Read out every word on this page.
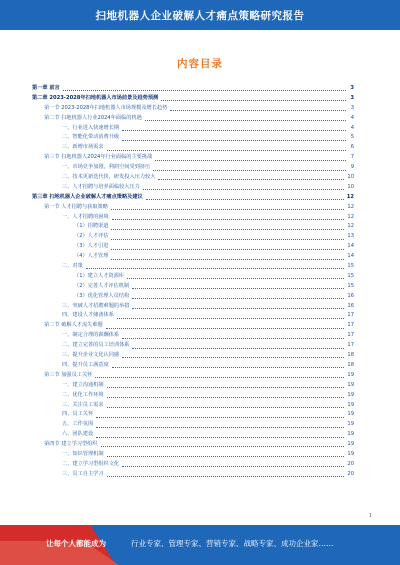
扫地机器人企业破解人才痛点策略研究报告
内容目录
第一章 前言	3
第二章 2023-2028年扫地机器人市场前景及趋势预测	3
第一节 2023-2028年扫地机器人市场规模及增长趋势	3
第二节 扫地机器人行业2024年面临的机遇	4
一、行业进入快速增长期	4
二、智能化带动消费升级	5
三、新增市场需求	6
第三节 扫地机器人2024年行业面临的主要挑战	7
一、市场竞争加剧，利润空间受到挤压	9
二、技术更新迭代快，研发投入压力较大	10
三、人才招聘与培养面临较大压力	10
第三章 扫地机器人企业破解人才痛点策略及建议	12
第一节 人才招聘与获取策略	12
一、人才招聘的困境	12
（1）招聘渠道	12
（2）人才评估	13
（3）人才引进	14
（4）人才管理	14
二、对策	15
（1）建立人才资源库	15
（2）完善人才评估机制	15
（3）优化管理人员结构	16
三、突破人才招聘难题的举措	16
四、建设人才储备体系	17
第二节 破解人才流失难题	17
一、制定合理的薪酬体系	17
二、建立完善的员工培训体系	17
三、提升企业文化认同感	18
四、提升员工满意度	18
第三节 加强员工关怀	19
一、建立沟通机制	19
二、优化工作环境	19
三、关注员工需求	19
四、员工关怀	19
五、工作氛围	19
六、团队建设	19
第四节 建立学习型组织	19
一、知识管理机制	19
二、建立学习型组织文化	20
三、员工自主学习	20
1
让每个人都能成为	行业专家、管理专家、营销专家、战略专家、成功企业家……
